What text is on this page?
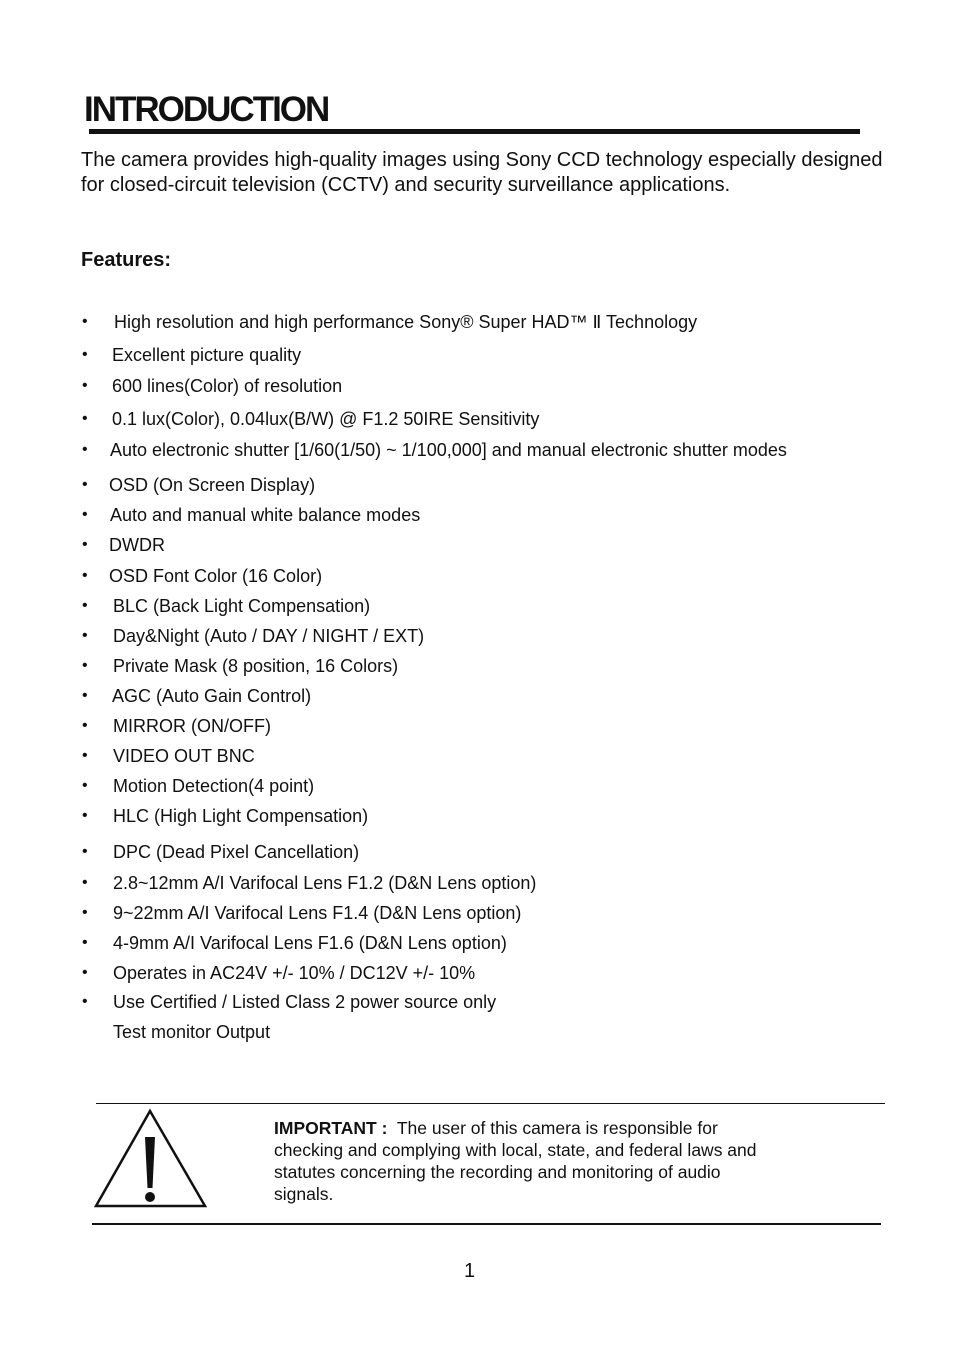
INTRODUCTION

The camera provides high-quality images using Sony CCD technology especially designed for closed-circuit television (CCTV) and security surveillance applications.

Features:
•	High resolution and high performance Sony® Super HAD™ Ⅱ Technology
•	Excellent picture quality
•	600 lines(Color) of resolution
•	0.1 lux(Color), 0.04lux(B/W) @ F1.2 50IRE Sensitivity
•	Auto electronic shutter [1/60(1/50) ~ 1/100,000] and manual electronic shutter modes
•	OSD (On Screen Display)
•	Auto and manual white balance modes
•	DWDR
•	OSD Font Color (16 Color)
•	BLC (Back Light Compensation)
•	Day&Night (Auto / DAY / NIGHT / EXT)
•	Private Mask (8 position, 16 Colors)
•	AGC (Auto Gain Control)
•	MIRROR (ON/OFF)
•	VIDEO OUT BNC
•	Motion Detection(4 point)
•	HLC (High Light Compensation)
•	DPC (Dead Pixel Cancellation)
•	2.8~12mm A/I Varifocal Lens F1.2 (D&N Lens option)
•	9~22mm A/I Varifocal Lens F1.4 (D&N Lens option)
•	4-9mm A/I Varifocal Lens F1.6 (D&N Lens option)
•	Operates in AC24V +/- 10% / DC12V +/- 10%
•	Use Certified / Listed Class 2 power source only
Test monitor Output

IMPORTANT : The user of this camera is responsible for checking and complying with local, state, and federal laws and statutes concerning the recording and monitoring of audio signals.

1
